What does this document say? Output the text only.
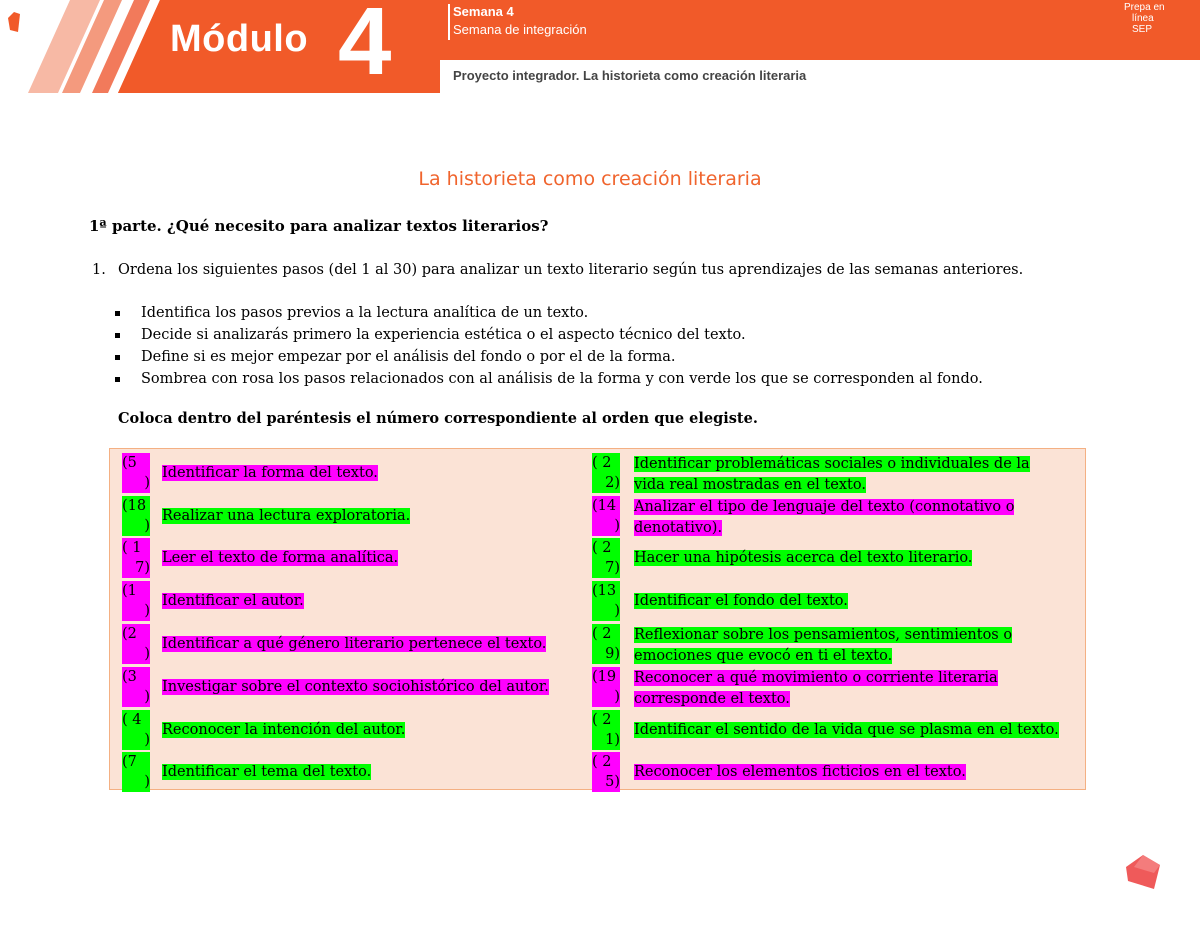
Módulo 4	Semana 4
Semana de integración
Proyecto integrador. La historieta como creación literaria
Prepa en
línea
SEP
La historieta como creación literaria
1ª parte. ¿Qué necesito para analizar textos literarios?
1. Ordena los siguientes pasos (del 1 al 30) para analizar un texto literario según tus aprendizajes de las semanas anteriores.
Identifica los pasos previos a la lectura analítica de un texto.
Decide si analizarás primero la experiencia estética o el aspecto técnico del texto.
Define si es mejor empezar por el análisis del fondo o por el de la forma.
Sombrea con rosa los pasos relacionados con al análisis de la forma y con verde los que se corresponden al fondo.
Coloca dentro del paréntesis el número correspondiente al orden que elegiste.
(5
)

Identificar la forma del texto.
(18
)

Realizar una lectura exploratoria.
( 1
7)

Leer el texto de forma analítica.
(1
)

Identificar el autor.
(2
)

Identificar a qué género literario pertenece el texto.
(3
)

Investigar sobre el contexto sociohistórico del autor.
( 4
)

Reconocer la intención del autor.
(7
)

Identificar el tema del texto.
( 2
2)

Identificar problemáticas sociales o individuales de la
vida real mostradas en el texto.
(14
)

Analizar el tipo de lenguaje del texto (connotativo o
denotativo).
( 2
7)

Hacer una hipótesis acerca del texto literario.
(13
)

Identificar el fondo del texto.
( 2
9)

Reflexionar sobre los pensamientos, sentimientos o
emociones que evocó en ti el texto.
(19
)

Reconocer a qué movimiento o corriente literaria
corresponde el texto.
( 2
1)

Identificar el sentido de la vida que se plasma en el texto.
( 2
5)

Reconocer los elementos ficticios en el texto.
